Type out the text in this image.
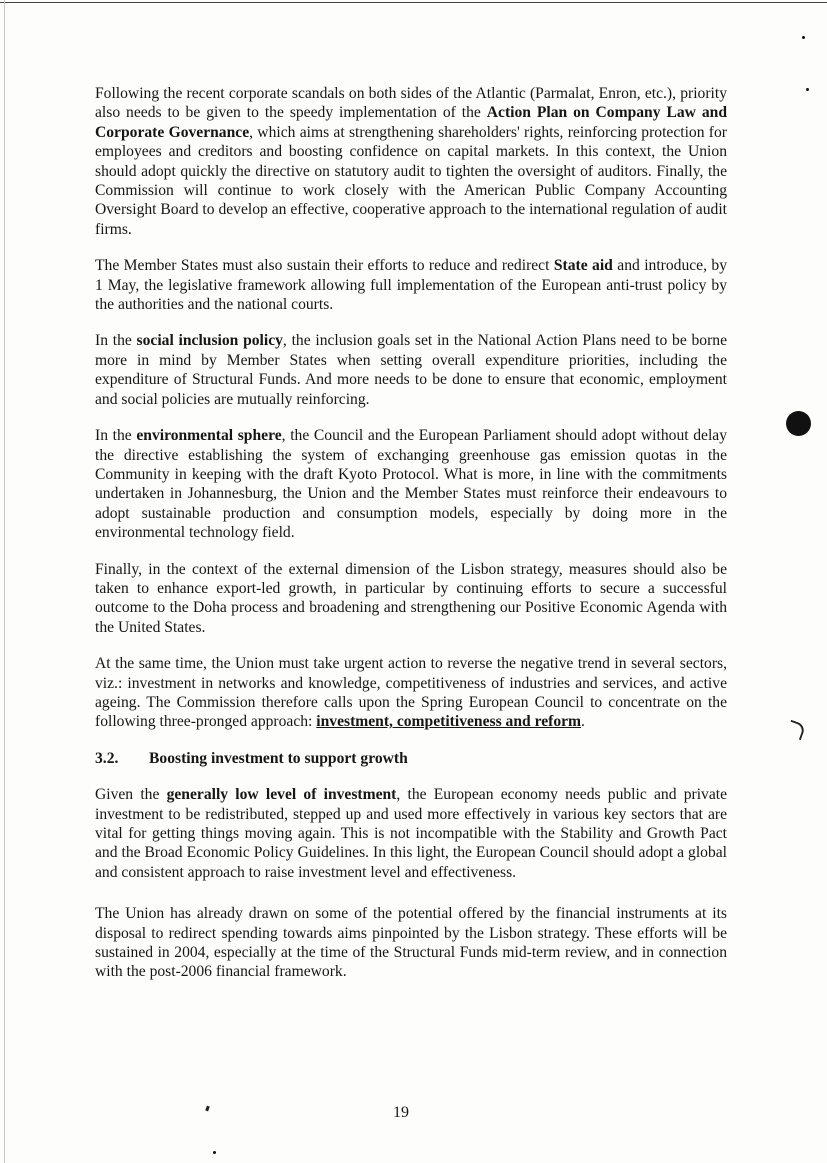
Following the recent corporate scandals on both sides of the Atlantic (Parmalat, Enron, etc.), priority also needs to be given to the speedy implementation of the Action Plan on Company Law and Corporate Governance, which aims at strengthening shareholders' rights, reinforcing protection for employees and creditors and boosting confidence on capital markets. In this context, the Union should adopt quickly the directive on statutory audit to tighten the oversight of auditors. Finally, the Commission will continue to work closely with the American Public Company Accounting Oversight Board to develop an effective, cooperative approach to the international regulation of audit firms.

The Member States must also sustain their efforts to reduce and redirect State aid and introduce, by 1 May, the legislative framework allowing full implementation of the European anti-trust policy by the authorities and the national courts.

In the social inclusion policy, the inclusion goals set in the National Action Plans need to be borne more in mind by Member States when setting overall expenditure priorities, including the expenditure of Structural Funds. And more needs to be done to ensure that economic, employment and social policies are mutually reinforcing.

In the environmental sphere, the Council and the European Parliament should adopt without delay the directive establishing the system of exchanging greenhouse gas emission quotas in the Community in keeping with the draft Kyoto Protocol. What is more, in line with the commitments undertaken in Johannesburg, the Union and the Member States must reinforce their endeavours to adopt sustainable production and consumption models, especially by doing more in the environmental technology field.

Finally, in the context of the external dimension of the Lisbon strategy, measures should also be taken to enhance export-led growth, in particular by continuing efforts to secure a successful outcome to the Doha process and broadening and strengthening our Positive Economic Agenda with the United States.

At the same time, the Union must take urgent action to reverse the negative trend in several sectors, viz.: investment in networks and knowledge, competitiveness of industries and services, and active ageing. The Commission therefore calls upon the Spring European Council to concentrate on the following three-pronged approach: investment, competitiveness and reform.

3.2.	Boosting investment to support growth

Given the generally low level of investment, the European economy needs public and private investment to be redistributed, stepped up and used more effectively in various key sectors that are vital for getting things moving again. This is not incompatible with the Stability and Growth Pact and the Broad Economic Policy Guidelines. In this light, the European Council should adopt a global and consistent approach to raise investment level and effectiveness.

The Union has already drawn on some of the potential offered by the financial instruments at its disposal to redirect spending towards aims pinpointed by the Lisbon strategy. These efforts will be sustained in 2004, especially at the time of the Structural Funds mid-term review, and in connection with the post-2006 financial framework.

19
